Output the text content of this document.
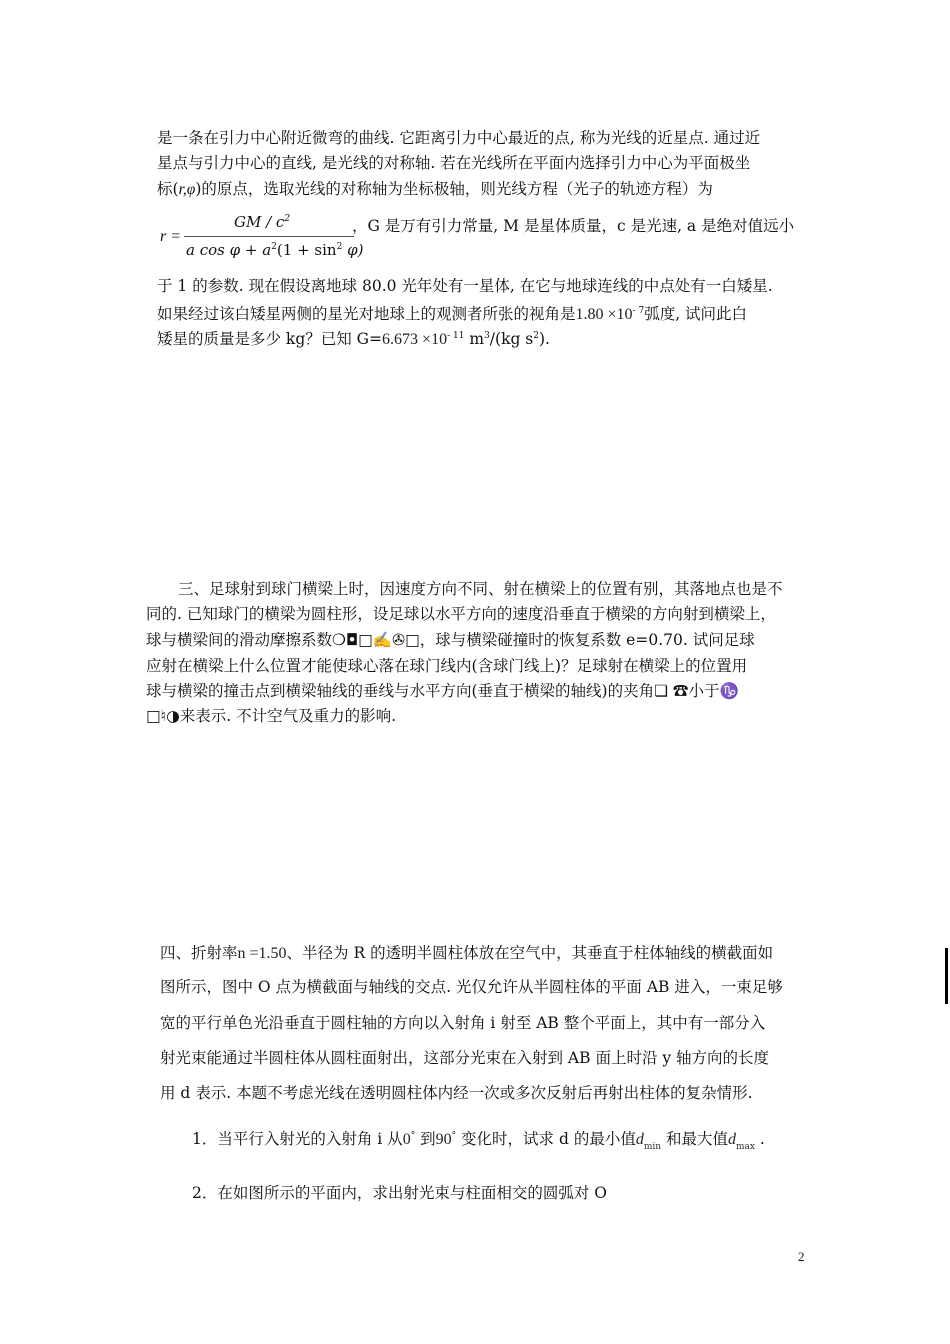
是一条在引力中心附近微弯的曲线. 它距离引力中心最近的点, 称为光线的近星点. 通过近
星点与引力中心的直线, 是光线的对称轴. 若在光线所在平面内选择引力中心为平面极坐
标(r,φ)的原点，选取光线的对称轴为坐标极轴，则光线方程（光子的轨迹方程）为
r =
GM / $c^2$
a $\cos \varphi + a^2(1 + \sin^2 \varphi)$
，G 是万有引力常量, M 是星体质量，c 是光速, a 是绝对值远小
于 1 的参数. 现在假设离地球 80.0 光年处有一星体, 在它与地球连线的中点处有一白矮星.
如果经过该白矮星两侧的星光对地球上的观测者所张的视角是$1.80 \times 10^{- 7}$弧度, 试问此白
矮星的质量是多少 kg？已知 $G=6.673 \times 10^{- 11}$ $m^3/(kg$ $s^2$).
三、足球射到球门横梁上时，因速度方向不同、射在横梁上的位置有别，其落地点也是不
同的. 已知球门的横梁为圆柱形，设足球以水平方向的速度沿垂直于横梁的方向射到横梁上，
球与横梁间的滑动摩擦系数❍◘□✍✇□，球与横梁碰撞时的恢复系数 e=0.70. 试问足球
应射在横梁上什么位置才能使球心落在球门线内(含球门线上)？足球射在横梁上的位置用
球与横梁的撞击点到横梁轴线的垂线与水平方向(垂直于横梁的轴线)的夹角❏ ☎小于♑
□♮◑来表示. 不计空气及重力的影响.
四、折射率n =1.50、半径为 R 的透明半圆柱体放在空气中，其垂直于柱体轴线的横截面如
图所示，图中 O 点为横截面与轴线的交点. 光仅允许从半圆柱体的平面 AB 进入，一束足够
宽的平行单色光沿垂直于圆柱轴的方向以入射角 i 射至 AB 整个平面上，其中有一部分入
射光束能通过半圆柱体从圆柱面射出，这部分光束在入射到 AB 面上时沿 y 轴方向的长度
用 d 表示. 本题不考虑光线在透明圆柱体内经一次或多次反射后再射出柱体的复杂情形.
1．当平行入射光的入射角 i 从0° 到90° 变化时，试求 d 的最小值$d_{min}$ 和最大值$d_{max}$ .
2．在如图所示的平面内，求出射光束与柱面相交的圆弧对 O
2
